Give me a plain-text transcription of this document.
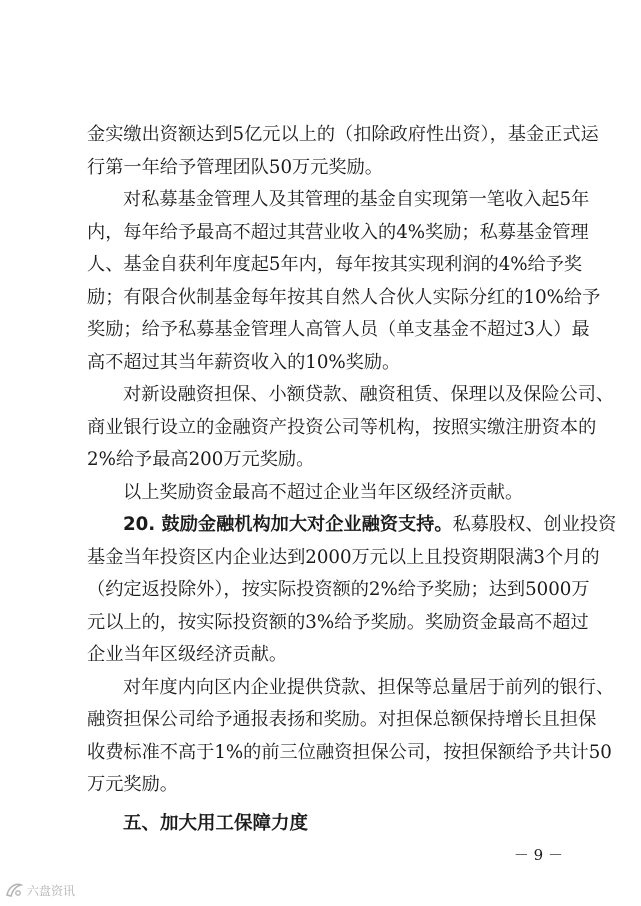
金实缴出资额达到5亿元以上的（扣除政府性出资），基金正式运
行第一年给予管理团队50万元奖励。
对私募基金管理人及其管理的基金自实现第一笔收入起5年
内，每年给予最高不超过其营业收入的4%奖励；私募基金管理
人、基金自获利年度起5年内，每年按其实现利润的4%给予奖
励；有限合伙制基金每年按其自然人合伙人实际分红的10%给予
奖励；给予私募基金管理人高管人员（单支基金不超过3人）最
高不超过其当年薪资收入的10%奖励。
对新设融资担保、小额贷款、融资租赁、保理以及保险公司、
商业银行设立的金融资产投资公司等机构，按照实缴注册资本的
2%给予最高200万元奖励。
以上奖励资金最高不超过企业当年区级经济贡献。
20. 鼓励金融机构加大对企业融资支持。私募股权、创业投资
基金当年投资区内企业达到2000万元以上且投资期限满3个月的
（约定返投除外），按实际投资额的2%给予奖励；达到5000万
元以上的，按实际投资额的3%给予奖励。奖励资金最高不超过
企业当年区级经济贡献。
对年度内向区内企业提供贷款、担保等总量居于前列的银行、
融资担保公司给予通报表扬和奖励。对担保总额保持增长且担保
收费标准不高于1%的前三位融资担保公司，按担保额给予共计50
万元奖励。
五、加大用工保障力度
－ 9 －
六盘资讯
